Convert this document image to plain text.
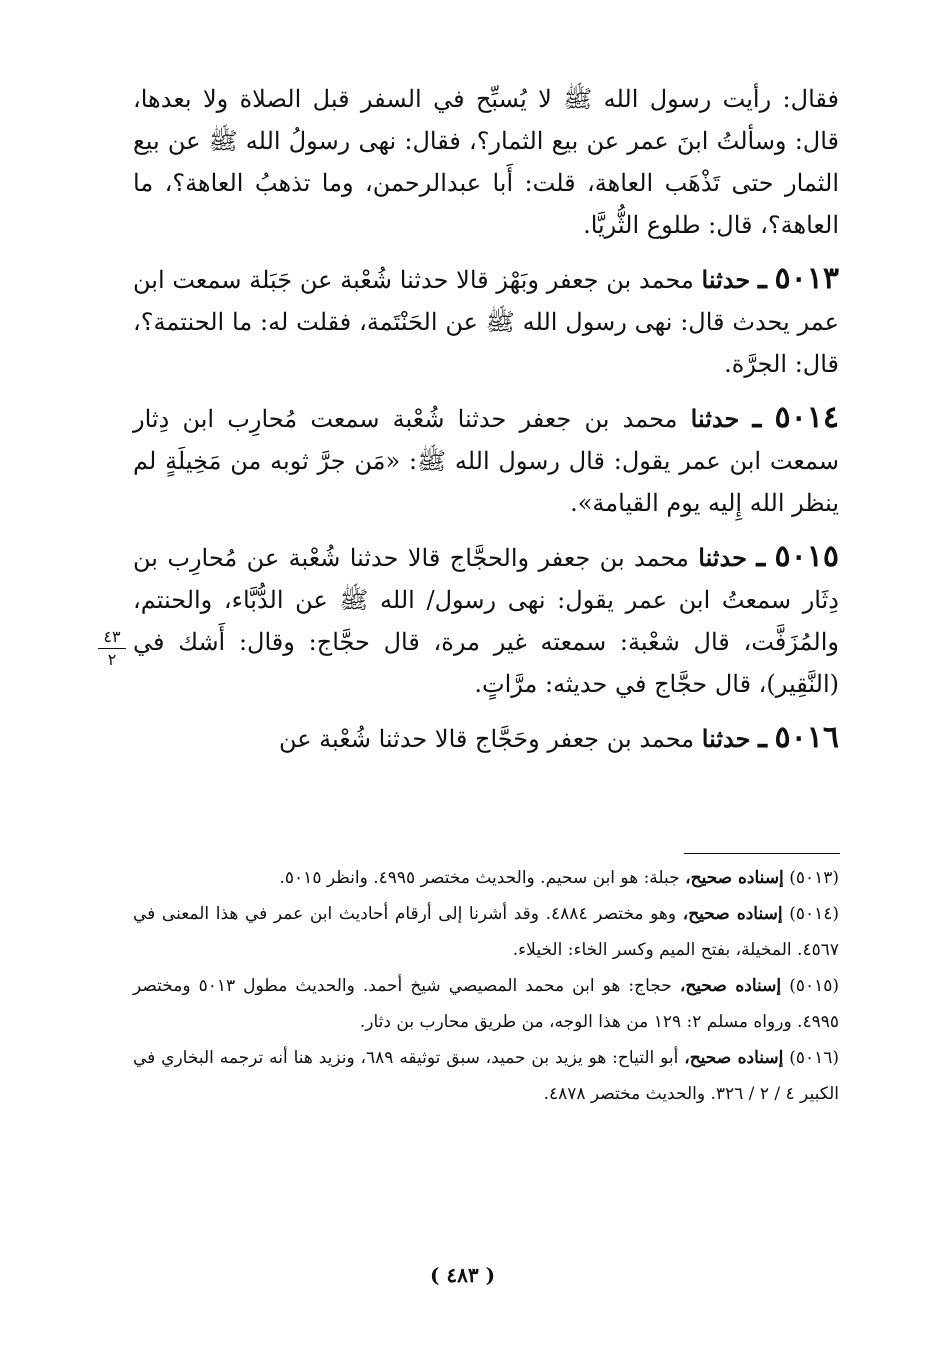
فقال: رأيت رسول الله ﷺ لا يُسبِّح في السفر قبل الصلاة ولا بعدها، قال: وسألتُ ابنَ عمر عن بيع الثمار؟، فقال: نهى رسولُ الله ﷺ عن بيع الثمار حتى تَذْهَب العاهة، قلت: أَبا عبدالرحمن، وما تذهبُ العاهة؟، ما العاهة؟، قال: طلوع الثُّريَّا.

٥٠١٣ ـ حدثنا محمد بن جعفر وبَهْز قالا حدثنا شُعْبة عن جَبَلة سمعت ابن عمر يحدث قال: نهى رسول الله ﷺ عن الحَنْتَمة، فقلت له: ما الحنتمة؟، قال: الجرَّة.

٥٠١٤ ـ حدثنا محمد بن جعفر حدثنا شُعْبة سمعت مُحارِب ابن دِثار سمعت ابن عمر يقول: قال رسول الله ﷺ: «مَن جرَّ ثوبه من مَخِيلَةٍ لم ينظر الله إِليه يوم القيامة».

٥٠١٥ ـ حدثنا محمد بن جعفر والحجَّاج قالا حدثنا شُعْبة عن مُحارِب بن دِثَار سمعتُ ابن عمر يقول: نهى رسول/ الله ﷺ عن الدُّبَّاء، والحنتم، والمُزَفَّت، قال شعْبة: سمعته غير مرة، قال حجَّاج: وقال: أَشك في (النَّقِير)، قال حجَّاج في حديثه: مرَّاتٍ.

٥٠١٦ ـ حدثنا محمد بن جعفر وحَجَّاج قالا حدثنا شُعْبة عن

٤٣
٢

(٥٠١٣) إسناده صحيح، جبلة: هو ابن سحيم. والحديث مختصر ٤٩٩٥. وانظر ٥٠١٥.

(٥٠١٤) إسناده صحيح، وهو مختصر ٤٨٨٤. وقد أشرنا إلى أرقام أحاديث ابن عمر في هذا المعنى في ٤٥٦٧. المخيلة، بفتح الميم وكسر الخاء: الخيلاء.

(٥٠١٥) إسناده صحيح، حجاج: هو ابن محمد المصيصي شيخ أحمد. والحديث مطول ٥٠١٣ ومختصر ٤٩٩٥. ورواه مسلم ٢: ١٢٩ من هذا الوجه، من طريق محارب بن دثار.

(٥٠١٦) إسناده صحيح، أبو التياح: هو يزيد بن حميد، سبق توثيقه ٦٨٩، ونزيد هنا أنه ترجمه البخاري في الكبير ٤ / ٢ / ٣٢٦. والحديث مختصر ٤٨٧٨.

( ٤٨٣ )
